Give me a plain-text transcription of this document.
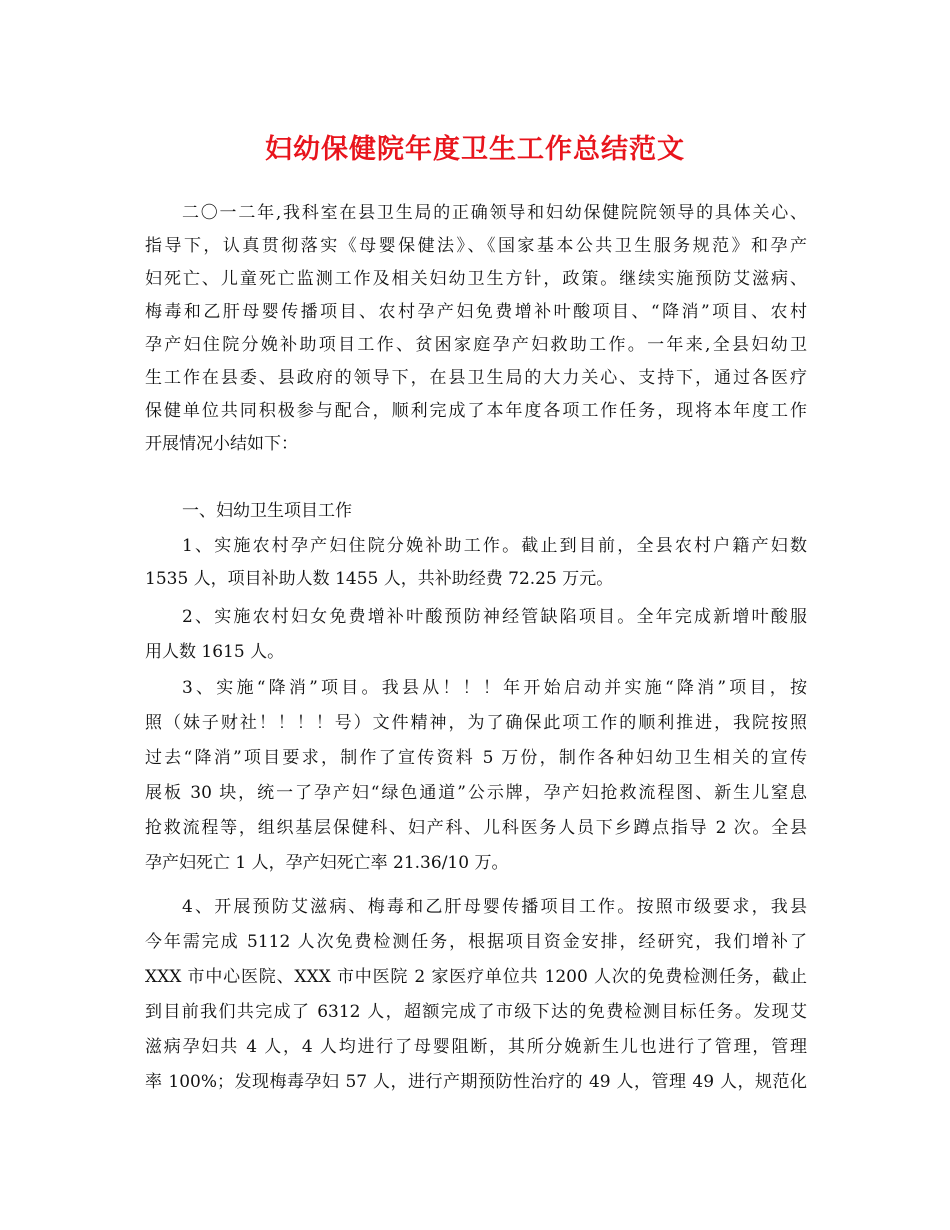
妇幼保健院年度卫生工作总结范文
二〇一二年,我科室在县卫生局的正确领导和妇幼保健院院领导的具体关心、
指导下，认真贯彻落实《母婴保健法》、《国家基本公共卫生服务规范》和孕产
妇死亡、儿童死亡监测工作及相关妇幼卫生方针，政策。继续实施预防艾滋病、
梅毒和乙肝母婴传播项目、农村孕产妇免费增补叶酸项目、“降消”项目、农村
孕产妇住院分娩补助项目工作、贫困家庭孕产妇救助工作。一年来,全县妇幼卫
生工作在县委、县政府的领导下，在县卫生局的大力关心、支持下，通过各医疗
保健单位共同积极参与配合，顺利完成了本年度各项工作任务，现将本年度工作
开展情况小结如下：
一、妇幼卫生项目工作
1、实施农村孕产妇住院分娩补助工作。截止到目前，全县农村户籍产妇数
1535 人，项目补助人数 1455 人，共补助经费 72.25 万元。
2、实施农村妇女免费增补叶酸预防神经管缺陷项目。全年完成新增叶酸服
用人数 1615 人。
3、实施“降消”项目。我县从！！！年开始启动并实施“降消”项目，按
照（妹子财社！！！！号）文件精神，为了确保此项工作的顺利推进，我院按照
过去“降消”项目要求，制作了宣传资料 5 万份，制作各种妇幼卫生相关的宣传
展板 30 块，统一了孕产妇“绿色通道”公示牌，孕产妇抢救流程图、新生儿窒息
抢救流程等，组织基层保健科、妇产科、儿科医务人员下乡蹲点指导 2 次。全县
孕产妇死亡 1 人，孕产妇死亡率 21.36/10 万。
4、开展预防艾滋病、梅毒和乙肝母婴传播项目工作。按照市级要求，我县
今年需完成 5112 人次免费检测任务，根据项目资金安排，经研究，我们增补了
XXX 市中心医院、XXX 市中医院 2 家医疗单位共 1200 人次的免费检测任务，截止
到目前我们共完成了 6312 人，超额完成了市级下达的免费检测目标任务。发现艾
滋病孕妇共 4 人，4 人均进行了母婴阻断，其所分娩新生儿也进行了管理，管理
率 100%；发现梅毒孕妇 57 人，进行产期预防性治疗的 49 人，管理 49 人，规范化
